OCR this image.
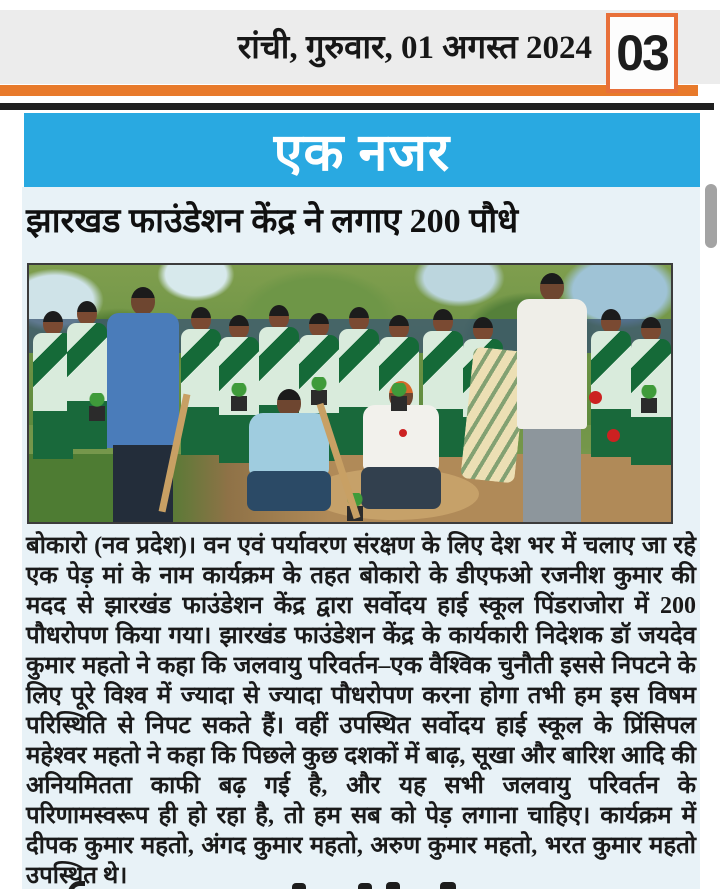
रांची, गुरुवार, 01 अगस्त 2024 03
एक नजर
झारखड फाउंडेशन केंद्र ने लगाए 200 पौधे
बोकारो (नव प्रदेश)। वन एवं पर्यावरण संरक्षण के लिए देश भर में चलाए जा रहे एक पेड़ मां के नाम कार्यक्रम के तहत बोकारो के डीएफओ रजनीश कुमार की मदद से झारखंड फाउंडेशन केंद्र द्वारा सर्वोदय हाई स्कूल पिंडराजोरा में 200 पौधरोपण किया गया। झारखंड फाउंडेशन केंद्र के कार्यकारी निदेशक डॉ जयदेव कुमार महतो ने कहा कि जलवायु परिवर्तन–एक वैश्विक चुनौती इससे निपटने के लिए पूरे विश्व में ज्यादा से ज्यादा पौधरोपण करना होगा तभी हम इस विषम परिस्थिति से निपट सकते हैं। वहीं उपस्थित सर्वोदय हाई स्कूल के प्रिंसिपल महेश्वर महतो ने कहा कि पिछले कुछ दशकों में बाढ़, सूखा और बारिश आदि की अनियमितता काफी बढ़ गई है, और यह सभी जलवायु परिवर्तन के परिणामस्वरूप ही हो रहा है, तो हम सब को पेड़ लगाना चाहिए। कार्यक्रम में दीपक कुमार महतो, अंगद कुमार महतो, अरुण कुमार महतो, भरत कुमार महतो उपस्थित थे।
